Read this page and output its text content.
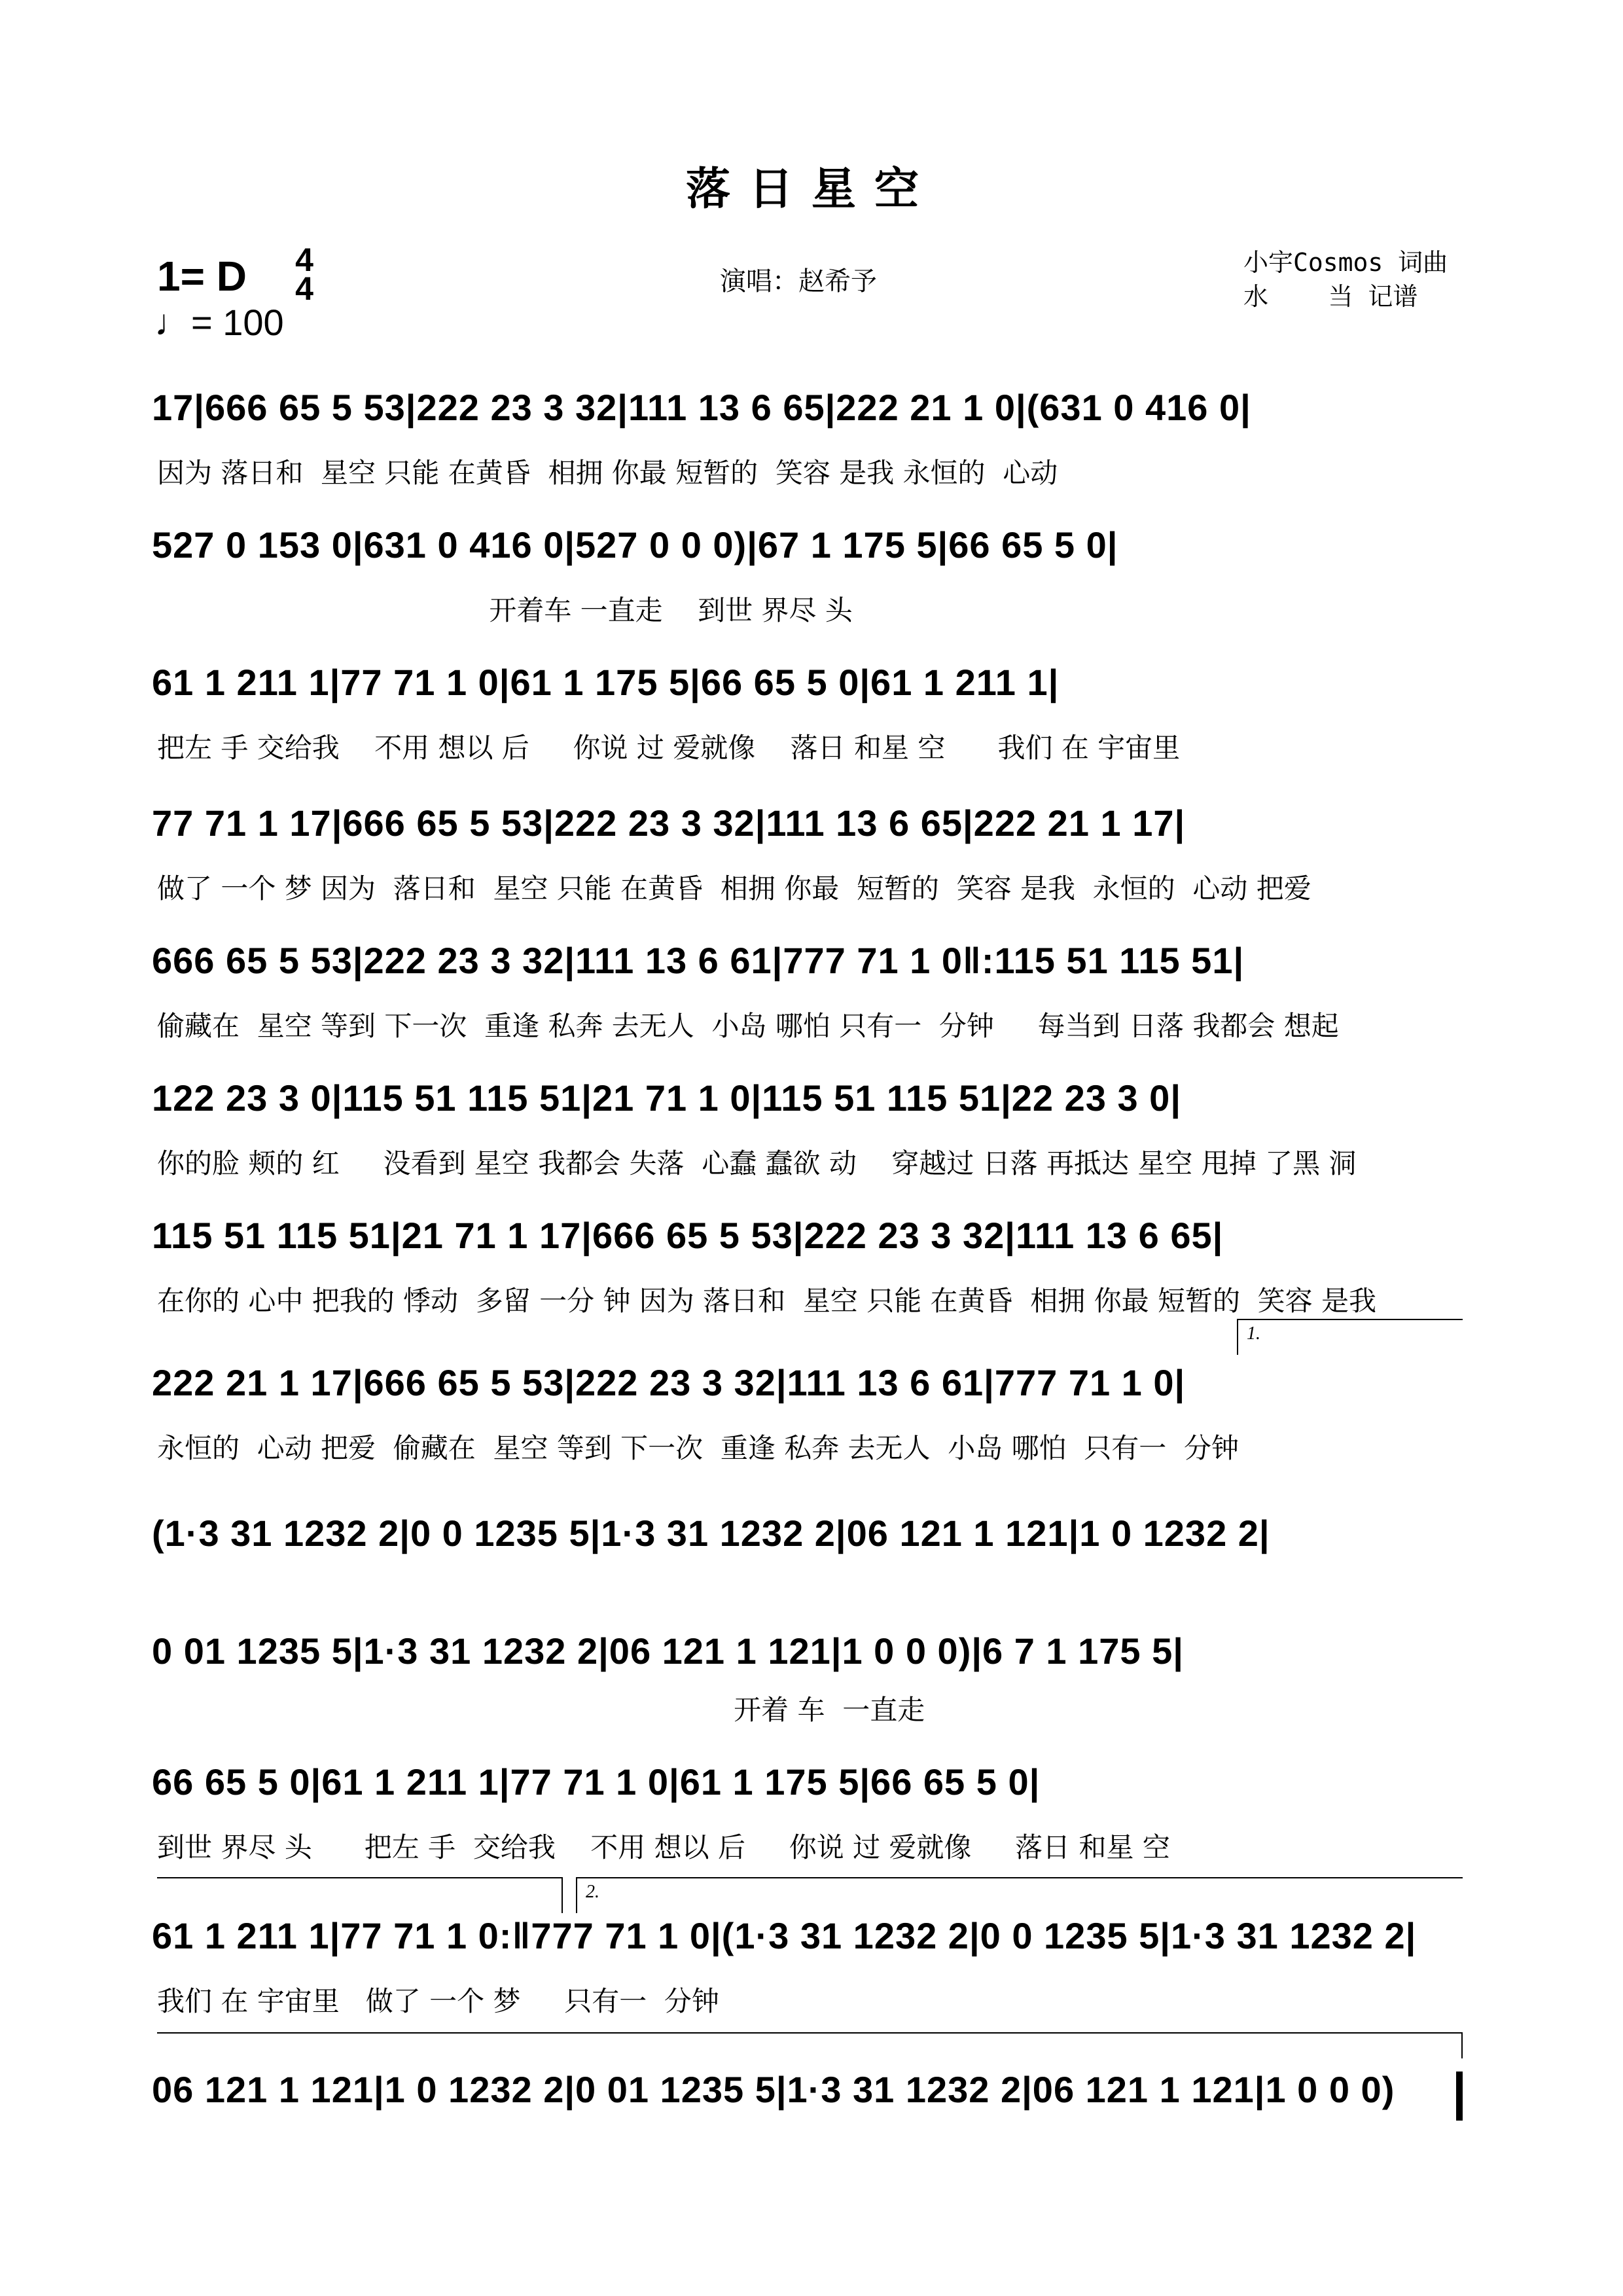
落日星空
1= D 4
4
♩= 100
演唱：赵希予
小宇Cosmos 词曲
水    当 记谱
17|666 65 5 53|222 23 3 32|111 13 6 65|222 21 1 0|(631 0 416 0|
因为 落日和  星空 只能 在黄昏  相拥 你最 短暂的  笑容 是我 永恒的  心动
527 0 153 0|631 0 416 0|527 0 0 0)|67 1 175 5|66 65 5 0|
开着车 一直走    到世 界尽 头
61 1 211 1|77 71 1 0|61 1 175 5|66 65 5 0|61 1 211 1|
把左 手 交给我    不用 想以 后     你说 过 爱就像    落日 和星 空      我们 在 宇宙里
77 71 1 17|666 65 5 53|222 23 3 32|111 13 6 65|222 21 1 17|
做了 一个 梦 因为  落日和  星空 只能 在黄昏  相拥 你最  短暂的  笑容 是我  永恒的  心动 把爱
666 65 5 53|222 23 3 32|111 13 6 61|777 71 1 0‖:115 51 115 51|
偷藏在  星空 等到 下一次  重逢 私奔 去无人  小岛 哪怕 只有一  分钟     每当到 日落 我都会 想起
122 23 3 0|115 51 115 51|21 71 1 0|115 51 115 51|22 23 3 0|
你的脸 颊的 红     没看到 星空 我都会 失落  心蠢 蠢欲 动    穿越过 日落 再抵达 星空 甩掉 了黑 洞
115 51 115 51|21 71 1 17|666 65 5 53|222 23 3 32|111 13 6 65|
在你的 心中 把我的 悸动  多留 一分 钟 因为 落日和  星空 只能 在黄昏  相拥 你最 短暂的  笑容 是我
222 21 1 17|666 65 5 53|222 23 3 32|111 13 6 61|777 71 1 0|
永恒的  心动 把爱  偷藏在  星空 等到 下一次  重逢 私奔 去无人  小岛 哪怕  只有一  分钟
(1·3 31 1232 2|0 0 1235 5|1·3 31 1232 2|06 121 1 121|1 0 1232 2|
0 01 1235 5|1·3 31 1232 2|06 121 1 121|1 0 0 0)|6 7 1 175 5|
开着 车  一直走
66 65 5 0|61 1 211 1|77 71 1 0|61 1 175 5|66 65 5 0|
到世 界尽 头      把左 手  交给我    不用 想以 后     你说 过 爱就像     落日 和星 空
61 1 211 1|77 71 1 0:‖777 71 1 0|(1·3 31 1232 2|0 0 1235 5|1·3 31 1232 2|
我们 在 宇宙里   做了 一个 梦     只有一  分钟
06 121 1 121|1 0 1232 2|0 01 1235 5|1·3 31 1232 2|06 121 1 121|1 0 0 0)
1.
2.
